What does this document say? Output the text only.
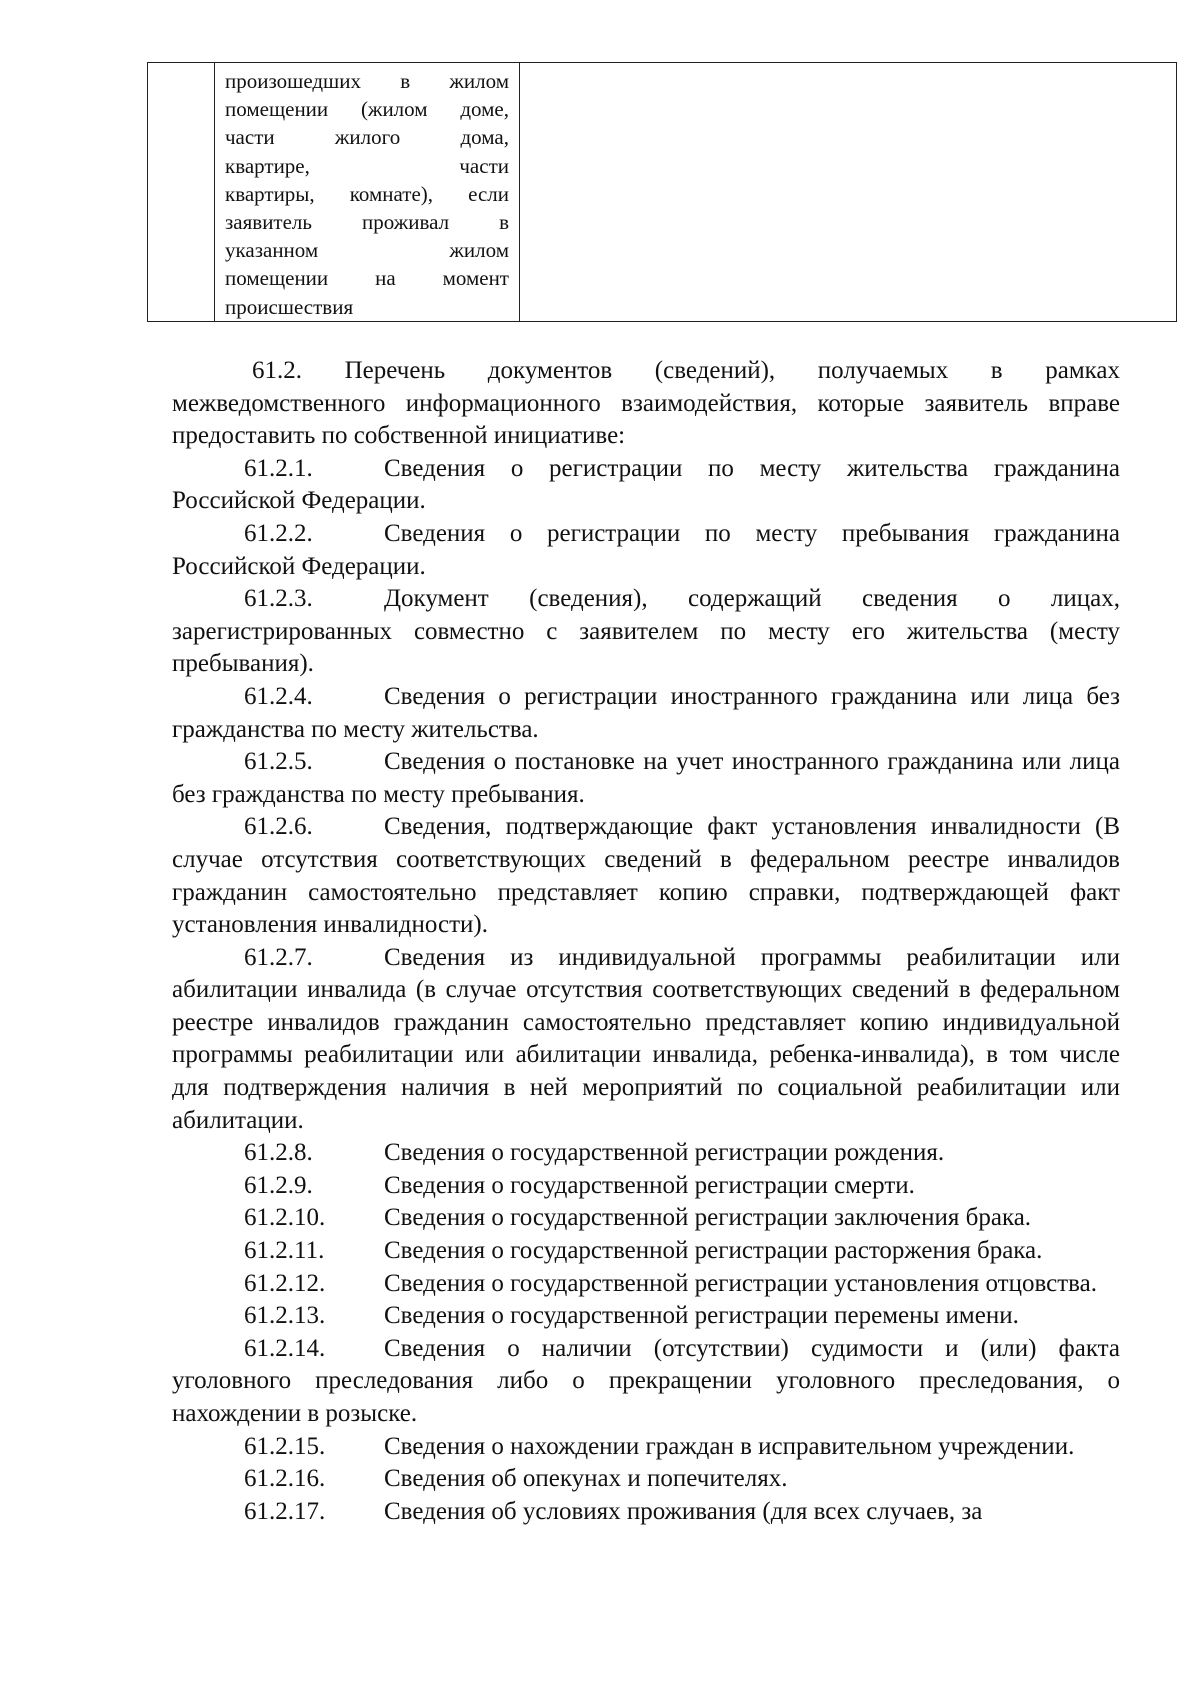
произошедших в жилом
помещении (жилом доме,
части жилого дома,
квартире, части
квартиры, комнате), если
заявитель проживал в
указанном жилом
помещении на момент
происшествия

61.2. Перечень документов (сведений), получаемых в рамках межведомственного информационного взаимодействия, которые заявитель вправе предоставить по собственной инициативе:

61.2.1.	Сведения о регистрации по месту жительства гражданина Российской Федерации.

61.2.2.	Сведения о регистрации по месту пребывания гражданина Российской Федерации.

61.2.3.	Документ (сведения), содержащий сведения о лицах, зарегистрированных совместно с заявителем по месту его жительства (месту пребывания).

61.2.4.	Сведения о регистрации иностранного гражданина или лица без гражданства по месту жительства.

61.2.5.	Сведения о постановке на учет иностранного гражданина или лица без гражданства по месту пребывания.

61.2.6.	Сведения, подтверждающие факт установления инвалидности (В случае отсутствия соответствующих сведений в федеральном реестре инвалидов гражданин самостоятельно представляет копию справки, подтверждающей факт установления инвалидности).

61.2.7.	Сведения из индивидуальной программы реабилитации или абилитации инвалида (в случае отсутствия соответствующих сведений в федеральном реестре инвалидов гражданин самостоятельно представляет копию индивидуальной программы реабилитации или абилитации инвалида, ребенка-инвалида), в том числе для подтверждения наличия в ней мероприятий по социальной реабилитации или абилитации.

61.2.8.	Сведения о государственной регистрации рождения.

61.2.9.	Сведения о государственной регистрации смерти.

61.2.10. Сведения о государственной регистрации заключения брака.

61.2.11. Сведения о государственной регистрации расторжения брака.

61.2.12. Сведения о государственной регистрации установления отцовства.

61.2.13. Сведения о государственной регистрации перемены имени.

61.2.14. Сведения о наличии (отсутствии) судимости и (или) факта уголовного преследования либо о прекращении уголовного преследования, о нахождении в розыске.

61.2.15. Сведения о нахождении граждан в исправительном учреждении.

61.2.16. Сведения об опекунах и попечителях.

61.2.17. Сведения об условиях проживания (для всех случаев, за
